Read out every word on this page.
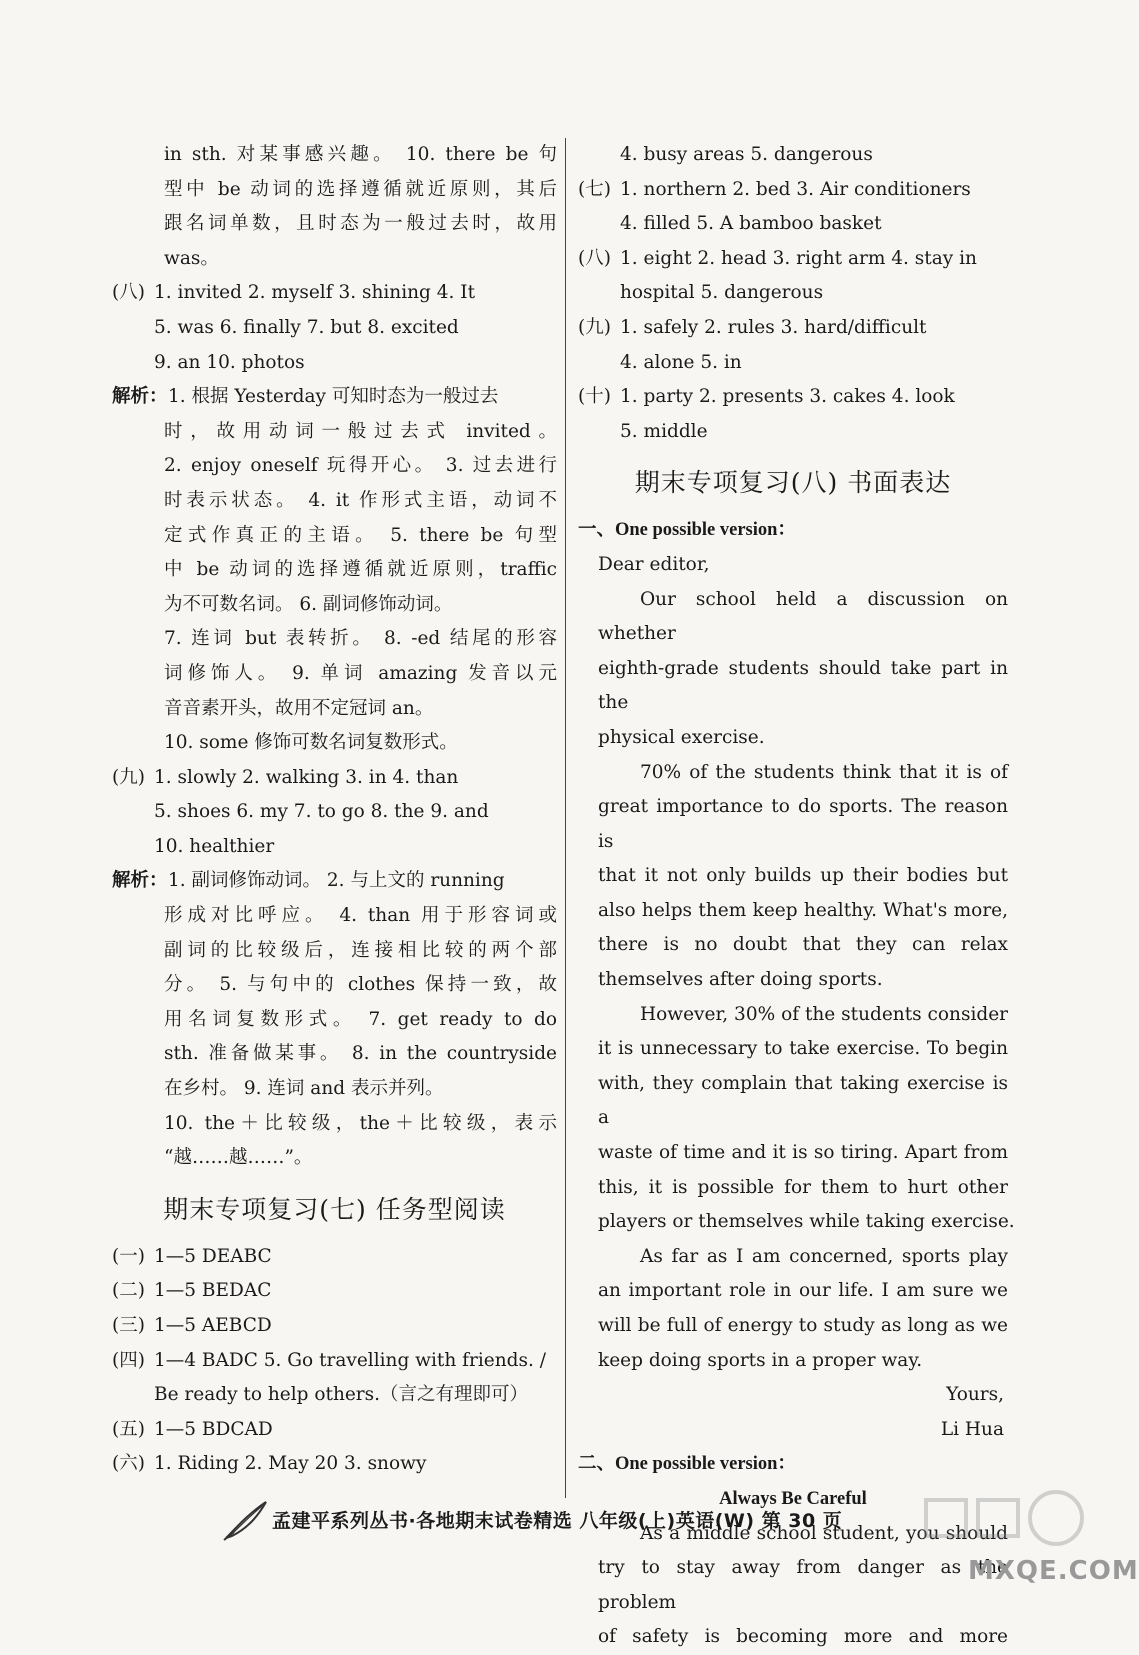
in sth. 对某事感兴趣。 10. there be 句
型中 be 动词的选择遵循就近原则，其后
跟名词单数，且时态为一般过去时，故用
was。
(八) 1. invited 2. myself 3. shining 4. It
5. was 6. finally 7. but 8. excited
9. an 10. photos
解析：1. 根据 Yesterday 可知时态为一般过去
时，故用动词一般过去式 invited。
2. enjoy oneself 玩得开心。 3. 过去进行
时表示状态。 4. it 作形式主语，动词不
定式作真正的主语。 5. there be 句型
中 be 动词的选择遵循就近原则，traffic
为不可数名词。 6. 副词修饰动词。
7. 连词 but 表转折。 8. -ed 结尾的形容
词修饰人。 9. 单词 amazing 发音以元
音音素开头，故用不定冠词 an。
10. some 修饰可数名词复数形式。
(九) 1. slowly 2. walking 3. in 4. than
5. shoes 6. my 7. to go 8. the 9. and
10. healthier
解析：1. 副词修饰动词。 2. 与上文的 running
形成对比呼应。 4. than 用于形容词或
副词的比较级后，连接相比较的两个部
分。 5. 与句中的 clothes 保持一致，故
用名词复数形式。 7. get ready to do
sth. 准备做某事。 8. in the countryside
在乡村。 9. 连词 and 表示并列。
10. the＋比较级，the＋比较级，表示
“越……越……”。
期末专项复习(七) 任务型阅读
(一) 1—5 DEABC
(二) 1—5 BEDAC
(三) 1—5 AEBCD
(四) 1—4 BADC 5. Go travelling with friends. /
Be ready to help others.（言之有理即可）
(五) 1—5 BDCAD
(六) 1. Riding 2. May 20 3. snowy
4. busy areas 5. dangerous
(七) 1. northern 2. bed 3. Air conditioners
4. filled 5. A bamboo basket
(八) 1. eight 2. head 3. right arm 4. stay in
hospital 5. dangerous
(九) 1. safely 2. rules 3. hard/difficult
4. alone 5. in
(十) 1. party 2. presents 3. cakes 4. look
5. middle
期末专项复习(八) 书面表达
一、One possible version：
Dear editor,
Our school held a discussion on whether
eighth-grade students should take part in the
physical exercise.
70% of the students think that it is of
great importance to do sports. The reason is
that it not only builds up their bodies but
also helps them keep healthy. What's more,
there is no doubt that they can relax
themselves after doing sports.
However, 30% of the students consider
it is unnecessary to take exercise. To begin
with, they complain that taking exercise is a
waste of time and it is so tiring. Apart from
this, it is possible for them to hurt other
players or themselves while taking exercise.
As far as I am concerned, sports play
an important role in our life. I am sure we
will be full of energy to study as long as we
keep doing sports in a proper way.
Yours,
Li Hua
二、One possible version：
Always Be Careful
As a middle school student, you should
try to stay away from danger as the problem
of safety is becoming more and more
孟建平系列丛书·各地期末试卷精选 八年级(上)英语(W) 第 30 页
MXQE.COM
